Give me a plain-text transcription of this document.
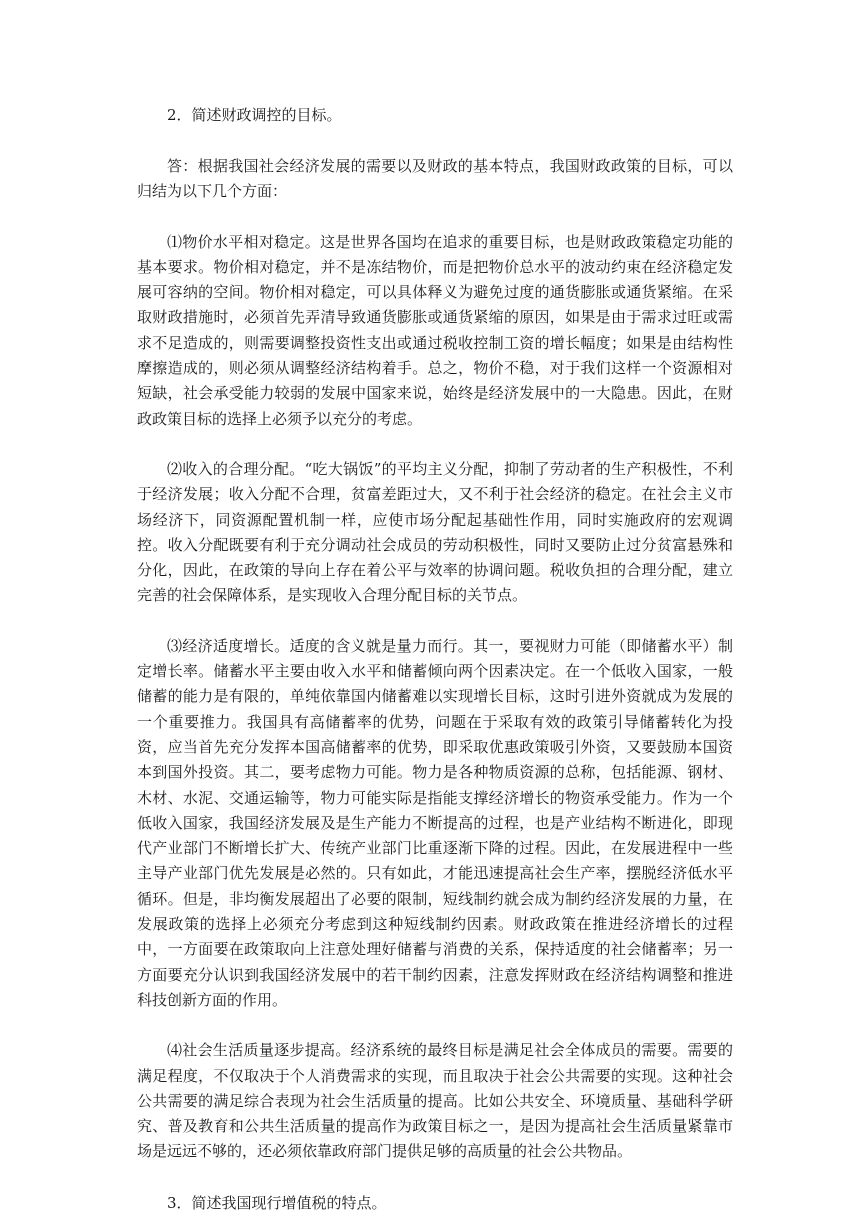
2．简述财政调控的目标。

答：根据我国社会经济发展的需要以及财政的基本特点，我国财政政策的目标，可以归结为以下几个方面：

⑴物价水平相对稳定。这是世界各国均在追求的重要目标，也是财政政策稳定功能的基本要求。物价相对稳定，并不是冻结物价，而是把物价总水平的波动约束在经济稳定发展可容纳的空间。物价相对稳定，可以具体释义为避免过度的通货膨胀或通货紧缩。在采取财政措施时，必须首先弄清导致通货膨胀或通货紧缩的原因，如果是由于需求过旺或需求不足造成的，则需要调整投资性支出或通过税收控制工资的增长幅度；如果是由结构性摩擦造成的，则必须从调整经济结构着手。总之，物价不稳，对于我们这样一个资源相对短缺，社会承受能力较弱的发展中国家来说，始终是经济发展中的一大隐患。因此，在财政政策目标的选择上必须予以充分的考虑。

⑵收入的合理分配。“吃大锅饭”的平均主义分配，抑制了劳动者的生产积极性，不利于经济发展；收入分配不合理，贫富差距过大，又不利于社会经济的稳定。在社会主义市场经济下，同资源配置机制一样，应使市场分配起基础性作用，同时实施政府的宏观调控。收入分配既要有利于充分调动社会成员的劳动积极性，同时又要防止过分贫富悬殊和分化，因此，在政策的导向上存在着公平与效率的协调问题。税收负担的合理分配，建立完善的社会保障体系，是实现收入合理分配目标的关节点。

⑶经济适度增长。适度的含义就是量力而行。其一，要视财力可能（即储蓄水平）制定增长率。储蓄水平主要由收入水平和储蓄倾向两个因素决定。在一个低收入国家，一般储蓄的能力是有限的，单纯依靠国内储蓄难以实现增长目标，这时引进外资就成为发展的一个重要推力。我国具有高储蓄率的优势，问题在于采取有效的政策引导储蓄转化为投资，应当首先充分发挥本国高储蓄率的优势，即采取优惠政策吸引外资，又要鼓励本国资本到国外投资。其二，要考虑物力可能。物力是各种物质资源的总称，包括能源、钢材、木材、水泥、交通运输等，物力可能实际是指能支撑经济增长的物资承受能力。作为一个低收入国家，我国经济发展及是生产能力不断提高的过程，也是产业结构不断进化，即现代产业部门不断增长扩大、传统产业部门比重逐渐下降的过程。因此，在发展进程中一些主导产业部门优先发展是必然的。只有如此，才能迅速提高社会生产率，摆脱经济低水平循环。但是，非均衡发展超出了必要的限制，短线制约就会成为制约经济发展的力量，在发展政策的选择上必须充分考虑到这种短线制约因素。财政政策在推进经济增长的过程中，一方面要在政策取向上注意处理好储蓄与消费的关系，保持适度的社会储蓄率；另一方面要充分认识到我国经济发展中的若干制约因素，注意发挥财政在经济结构调整和推进科技创新方面的作用。

⑷社会生活质量逐步提高。经济系统的最终目标是满足社会全体成员的需要。需要的满足程度，不仅取决于个人消费需求的实现，而且取决于社会公共需要的实现。这种社会公共需要的满足综合表现为社会生活质量的提高。比如公共安全、环境质量、基础科学研究、普及教育和公共生活质量的提高作为政策目标之一，是因为提高社会生活质量紧靠市场是远远不够的，还必须依靠政府部门提供足够的高质量的社会公共物品。

3．简述我国现行增值税的特点。
